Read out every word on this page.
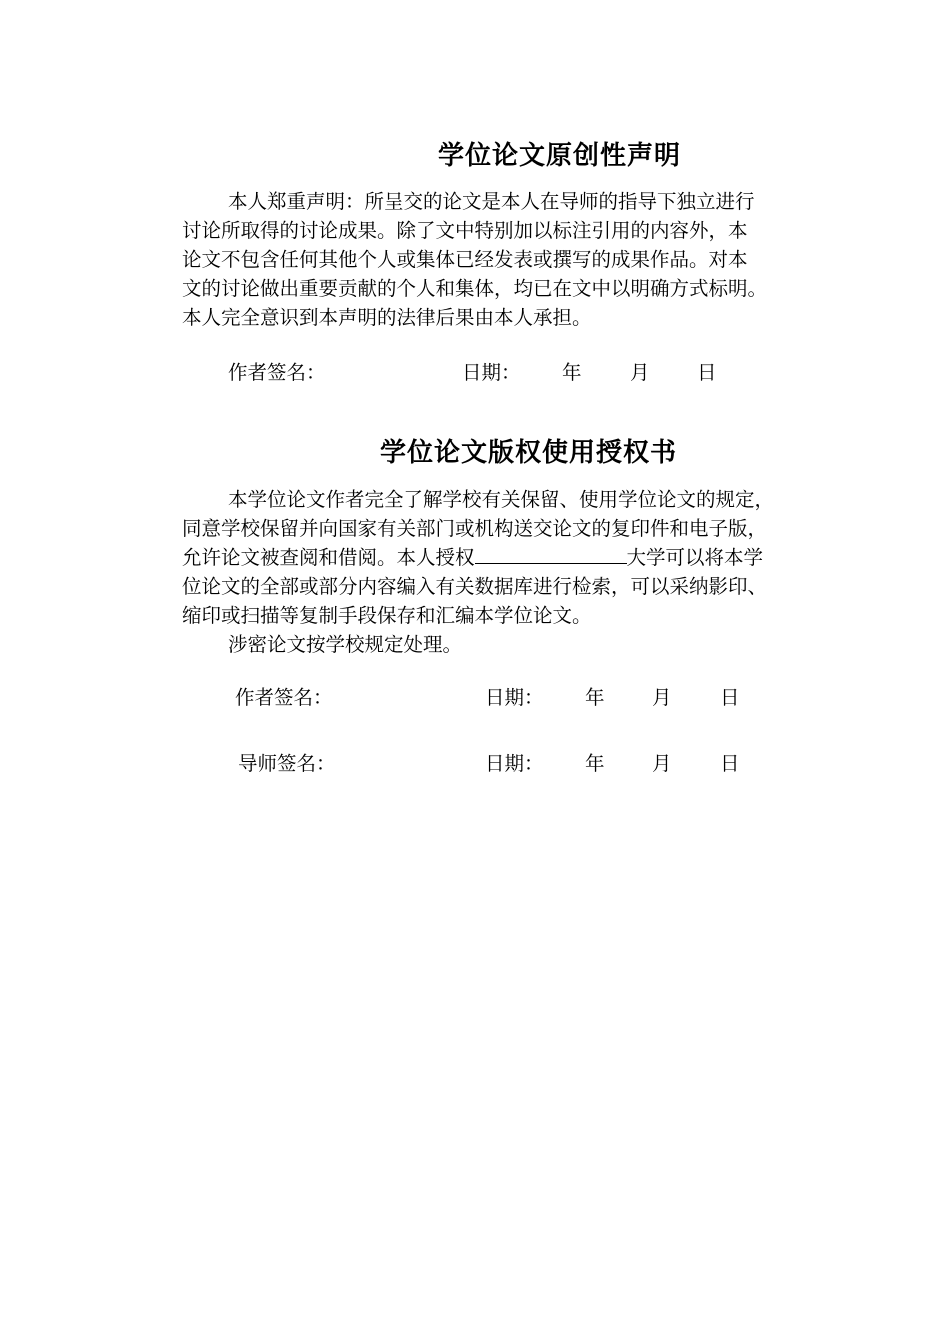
学位论文原创性声明
本人郑重声明：所呈交的论文是本人在导师的指导下独立进行
讨论所取得的讨论成果。除了文中特别加以标注引用的内容外，本
论文不包含任何其他个人或集体已经发表或撰写的成果作品。对本
文的讨论做出重要贡献的个人和集体，均已在文中以明确方式标明。
本人完全意识到本声明的法律后果由本人承担。
作者签名：	日期： 年 月 日
学位论文版权使用授权书
本学位论文作者完全了解学校有关保留、使用学位论文的规定，
同意学校保留并向国家有关部门或机构送交论文的复印件和电子版，
允许论文被查阅和借阅。本人授权	大学可以将本学
位论文的全部或部分内容编入有关数据库进行检索，可以采纳影印、
缩印或扫描等复制手段保存和汇编本学位论文。
涉密论文按学校规定处理。
作者签名：	日期： 年 月 日
导师签名：	日期： 年 月 日
